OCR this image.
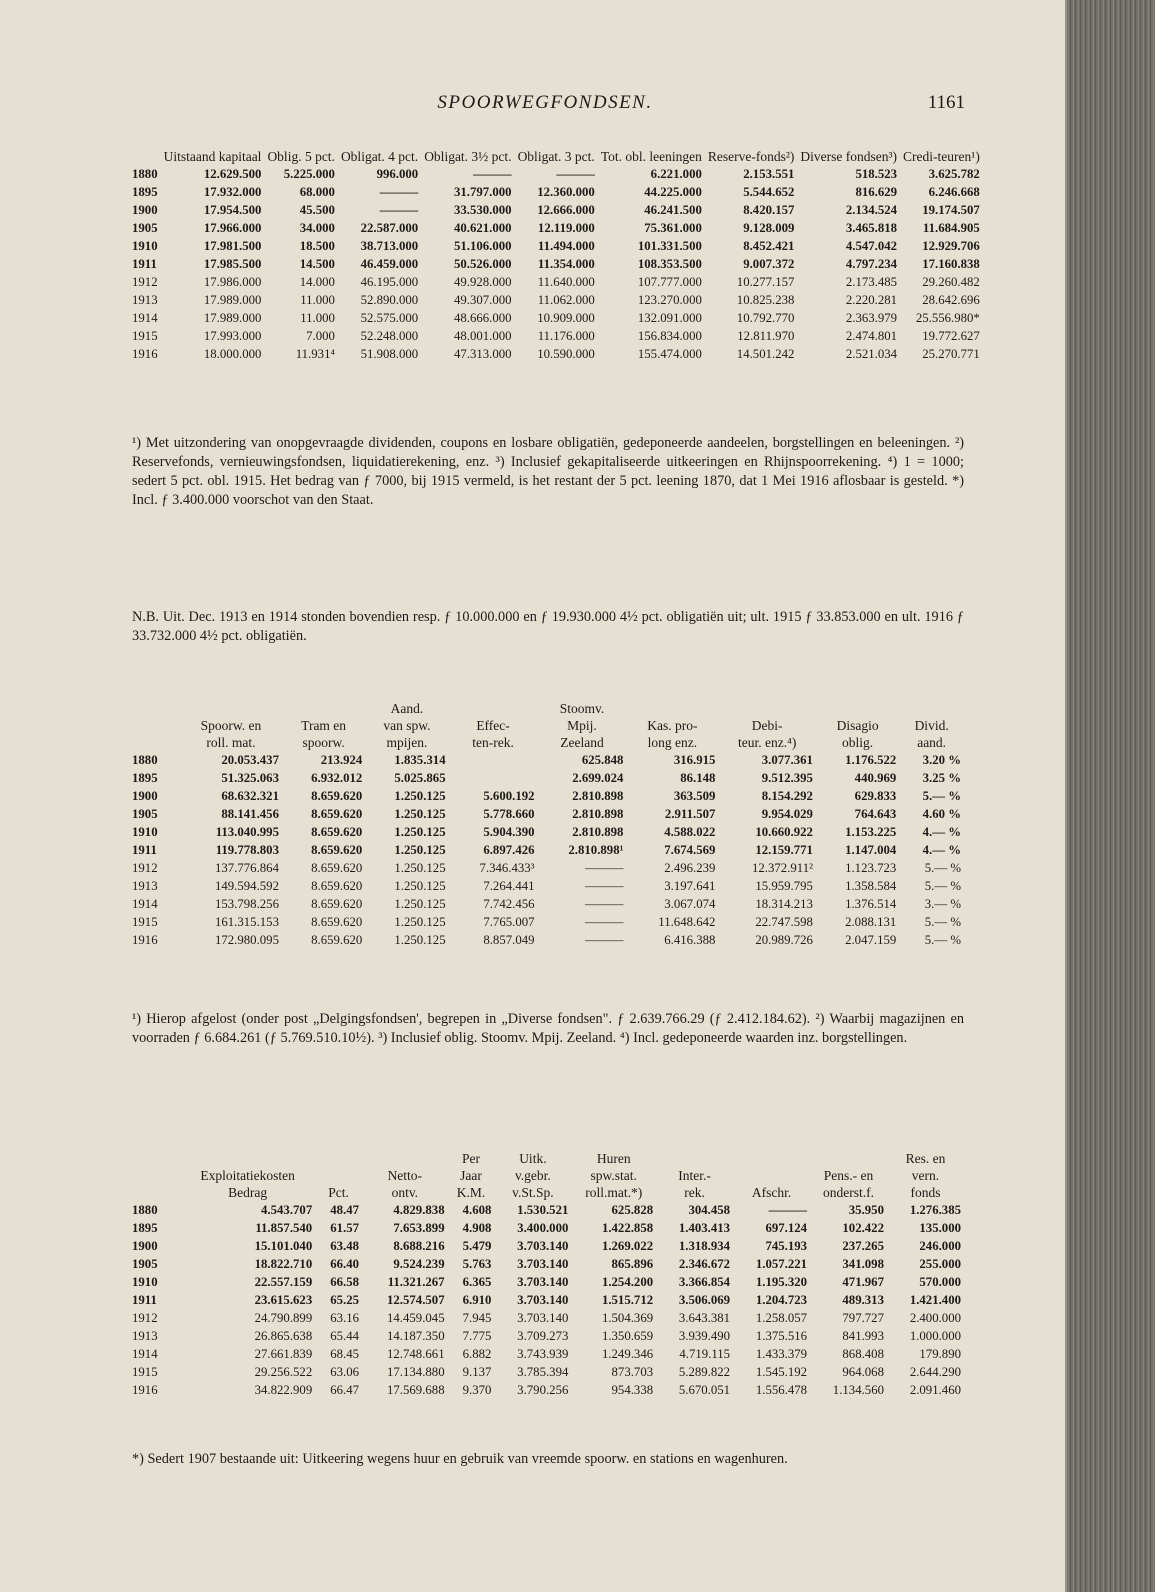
SPOORWEGFONDSEN.	1161
	Uitstaand kapitaal	Oblig. 5 pct.	Obligat. 4 pct.	Obligat. 3½ pct.	Obligat. 3 pct.	Tot. obl. leeningen	Reserve-fonds²)	Diverse fondsen³)	Credi-teuren¹)
1880	12.629.500	5.225.000	996.000	———	———	6.221.000	2.153.551	518.523	3.625.782
1895	17.932.000	68.000	———	31.797.000	12.360.000	44.225.000	5.544.652	816.629	6.246.668
1900	17.954.500	45.500	———	33.530.000	12.666.000	46.241.500	8.420.157	2.134.524	19.174.507
1905	17.966.000	34.000	22.587.000	40.621.000	12.119.000	75.361.000	9.128.009	3.465.818	11.684.905
1910	17.981.500	18.500	38.713.000	51.106.000	11.494.000	101.331.500	8.452.421	4.547.042	12.929.706
1911	17.985.500	14.500	46.459.000	50.526.000	11.354.000	108.353.500	9.007.372	4.797.234	17.160.838
1912	17.986.000	14.000	46.195.000	49.928.000	11.640.000	107.777.000	10.277.157	2.173.485	29.260.482
1913	17.989.000	11.000	52.890.000	49.307.000	11.062.000	123.270.000	10.825.238	2.220.281	28.642.696
1914	17.989.000	11.000	52.575.000	48.666.000	10.909.000	132.091.000	10.792.770	2.363.979	25.556.980*
1915	17.993.000	7.000	52.248.000	48.001.000	11.176.000	156.834.000	12.811.970	2.474.801	19.772.627
1916	18.000.000	11.931⁴	51.908.000	47.313.000	10.590.000	155.474.000	14.501.242	2.521.034	25.270.771
¹) Met uitzondering van onopgevraagde dividenden, coupons en losbare obligatiën, gedeponeerde aandeelen, borgstellingen en beleeningen. ²) Reservefonds, vernieuwingsfondsen, liquidatierekening, enz. ³) Inclusief gekapitaliseerde uitkeeringen en Rhijnspoorrekening. ⁴) 1 = 1000; sedert 5 pct. obl. 1915. Het bedrag van ƒ 7000, bij 1915 vermeld, is het restant der 5 pct. leening 1870, dat 1 Mei 1916 aflosbaar is gesteld. *) Incl. ƒ 3.400.000 voorschot van den Staat.
N.B. Uit. Dec. 1913 en 1914 stonden bovendien resp. ƒ 10.000.000 en ƒ 19.930.000 4½ pct. obligatiën uit; ult. 1915 ƒ 33.853.000 en ult. 1916 ƒ 33.732.000 4½ pct. obligatiën.
			Aand.		Stoomv.				
	Spoorw. en	Tram en	van spw.	Effec-	Mpij.	Kas. pro-	Debi-	Disagio	Divid.
	roll. mat.	spoorw.	mpijen.	ten-rek.	Zeeland	long enz.	teur. enz.⁴)	oblig.	aand.
1880	20.053.437	213.924	1.835.314		625.848	316.915	3.077.361	1.176.522	3.20 %
1895	51.325.063	6.932.012	5.025.865		2.699.024	86.148	9.512.395	440.969	3.25 %
1900	68.632.321	8.659.620	1.250.125	5.600.192	2.810.898	363.509	8.154.292	629.833	5.— %
1905	88.141.456	8.659.620	1.250.125	5.778.660	2.810.898	2.911.507	9.954.029	764.643	4.60 %
1910	113.040.995	8.659.620	1.250.125	5.904.390	2.810.898	4.588.022	10.660.922	1.153.225	4.— %
1911	119.778.803	8.659.620	1.250.125	6.897.426	2.810.898¹	7.674.569	12.159.771	1.147.004	4.— %
1912	137.776.864	8.659.620	1.250.125	7.346.433³	———	2.496.239	12.372.911²	1.123.723	5.— %
1913	149.594.592	8.659.620	1.250.125	7.264.441	———	3.197.641	15.959.795	1.358.584	5.— %
1914	153.798.256	8.659.620	1.250.125	7.742.456	———	3.067.074	18.314.213	1.376.514	3.— %
1915	161.315.153	8.659.620	1.250.125	7.765.007	———	11.648.642	22.747.598	2.088.131	5.— %
1916	172.980.095	8.659.620	1.250.125	8.857.049	———	6.416.388	20.989.726	2.047.159	5.— %
¹) Hierop afgelost (onder post „Delgingsfondsen', begrepen in „Diverse fondsen". ƒ 2.639.766.29 (ƒ 2.412.184.62). ²) Waarbij magazijnen en voorraden ƒ 6.684.261 (ƒ 5.769.510.10½). ³) Inclusief oblig. Stoomv. Mpij. Zeeland. ⁴) Incl. gedeponeerde waarden inz. borgstellingen.
				Per	Uitk.	Huren				Res. en
	Exploitatiekosten		Netto-	Jaar	v.gebr.	spw.stat.	Inter.-		Pens.- en	vern.
	Bedrag	Pct.	ontv.	K.M.	v.St.Sp.	roll.mat.*)	rek.	Afschr.	onderst.f.	fonds
1880	4.543.707	48.47	4.829.838	4.608	1.530.521	625.828	304.458	———	35.950	1.276.385
1895	11.857.540	61.57	7.653.899	4.908	3.400.000	1.422.858	1.403.413	697.124	102.422	135.000
1900	15.101.040	63.48	8.688.216	5.479	3.703.140	1.269.022	1.318.934	745.193	237.265	246.000
1905	18.822.710	66.40	9.524.239	5.763	3.703.140	865.896	2.346.672	1.057.221	341.098	255.000
1910	22.557.159	66.58	11.321.267	6.365	3.703.140	1.254.200	3.366.854	1.195.320	471.967	570.000
1911	23.615.623	65.25	12.574.507	6.910	3.703.140	1.515.712	3.506.069	1.204.723	489.313	1.421.400
1912	24.790.899	63.16	14.459.045	7.945	3.703.140	1.504.369	3.643.381	1.258.057	797.727	2.400.000
1913	26.865.638	65.44	14.187.350	7.775	3.709.273	1.350.659	3.939.490	1.375.516	841.993	1.000.000
1914	27.661.839	68.45	12.748.661	6.882	3.743.939	1.249.346	4.719.115	1.433.379	868.408	179.890
1915	29.256.522	63.06	17.134.880	9.137	3.785.394	873.703	5.289.822	1.545.192	964.068	2.644.290
1916	34.822.909	66.47	17.569.688	9.370	3.790.256	954.338	5.670.051	1.556.478	1.134.560	2.091.460
*) Sedert 1907 bestaande uit: Uitkeering wegens huur en gebruik van vreemde spoorw. en stations en wagenhuren.
